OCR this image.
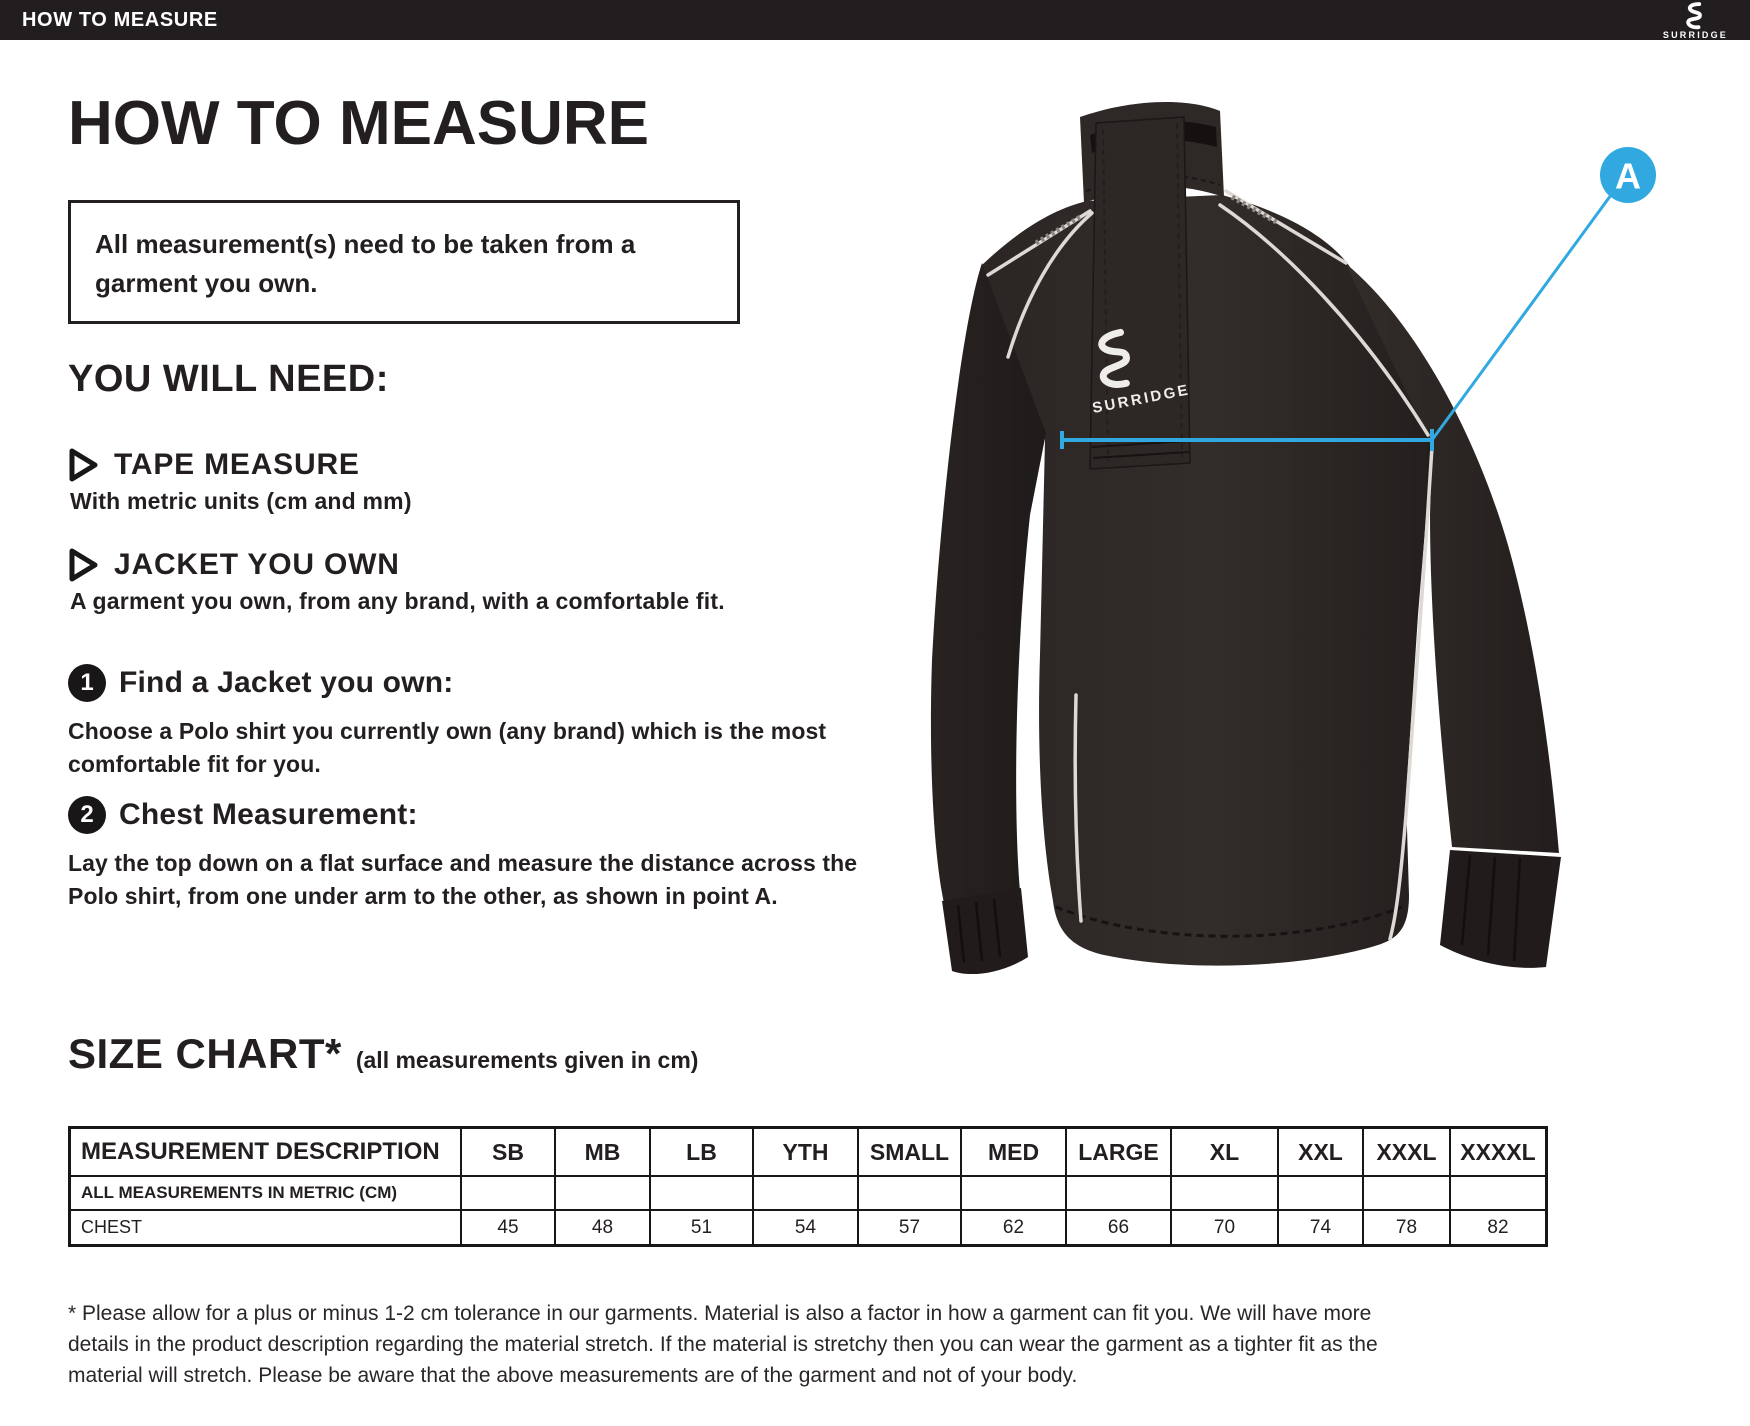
HOW TO MEASURE
SURRIDGE
HOW TO MEASURE
All measurement(s) need to be taken from a garment you own.
YOU WILL NEED:
TAPE MEASURE
With metric units (cm and mm)
JACKET YOU OWN
A garment you own, from any brand, with a comfortable fit.
1 Find a Jacket you own:
Choose a Polo shirt you currently own (any brand) which is the most comfortable fit for you.
2 Chest Measurement:
Lay the top down on a flat surface and measure the distance across the Polo shirt, from one under arm to the other, as shown in point A.
SIZE CHART* (all measurements given in cm)
MEASUREMENT DESCRIPTION	SB	MB	LB	YTH	SMALL	MED	LARGE	XL	XXL	XXXL	XXXXL
ALL MEASUREMENTS IN METRIC (CM)											
CHEST	45	48	51	54	57	62	66	70	74	78	82

* Please allow for a plus or minus 1-2 cm tolerance in our garments. Material is also a factor in how a garment can fit you. We will have more details in the product description regarding the material stretch. If the material is stretchy then you can wear the garment as a tighter fit as the material will stretch. Please be aware that the above measurements are of the garment and not of your body.

SURRIDGE
A
